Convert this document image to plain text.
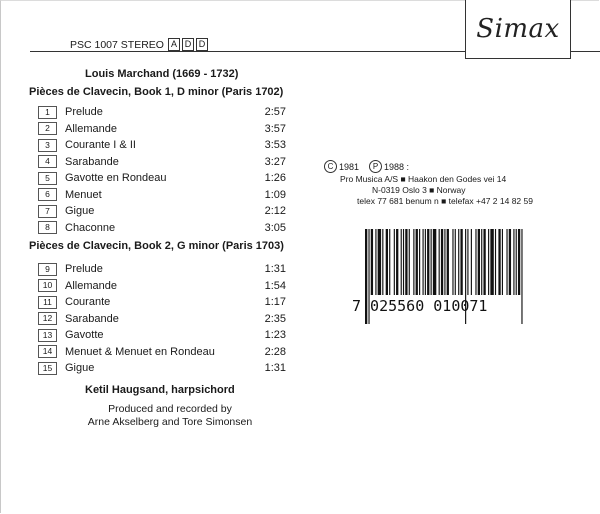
Simax
PSC 1007 STEREO A D D
Louis Marchand (1669 - 1732)
Pièces de Clavecin, Book 1, D minor (Paris 1702)
1	Prelude	2:57
2	Allemande	3:57
3	Courante I & II	3:53
4	Sarabande	3:27
5	Gavotte en Rondeau	1:26
6	Menuet	1:09
7	Gigue	2:12
8	Chaconne	3:05
Pièces de Clavecin, Book 2, G minor (Paris 1703)
9	Prelude	1:31
10	Allemande	1:54
11	Courante	1:17
12	Sarabande	2:35
13	Gavotte	1:23
14	Menuet & Menuet en Rondeau	2:28
15	Gigue	1:31
Ketil Haugsand, harpsichord
Produced and recorded by
Arne Akselberg and Tore Simonsen
C 1981	P 1988 :
Pro Musica A/S ■ Haakon den Godes vei 14
N-0319 Oslo 3 ■ Norway
telex 77 681 benum n ■ telefax +47 2 14 82 59
7 025560 010071
